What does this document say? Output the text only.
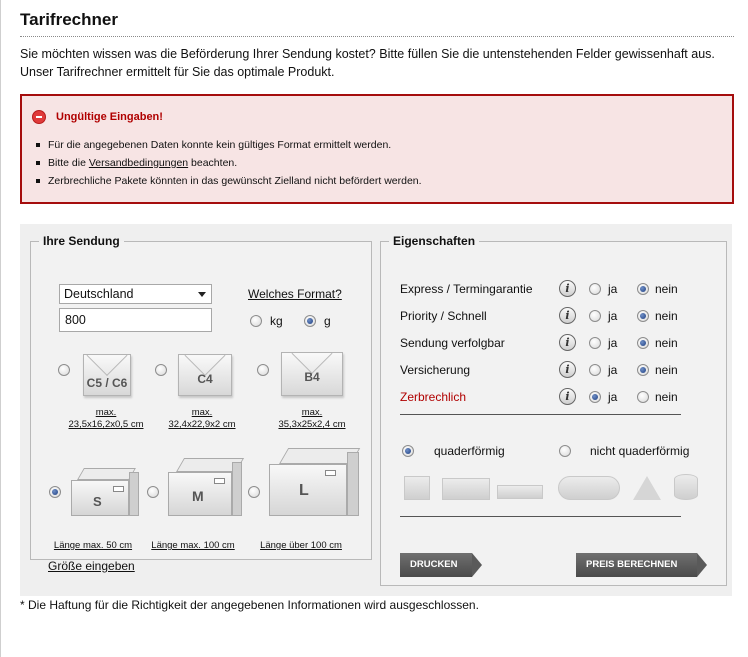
Tarifrechner
Sie möchten wissen was die Beförderung Ihrer Sendung kostet? Bitte füllen Sie die untenstehenden Felder gewissenhaft aus.
Unser Tarifrechner ermittelt für Sie das optimale Produkt.
Ungültige Eingaben!
Für die angegebenen Daten konnte kein gültiges Format ermittelt werden.
Bitte die Versandbedingungen beachten.
Zerbrechliche Pakete könnten in das gewünscht Zielland nicht befördert werden.
Ihre Sendung
Deutschland
800
Welches Format?
kg	g
C5 / C6
max.
23,5x16,2x0,5 cm
C4
max.
32,4x22,9x2 cm
B4
max.
35,3x25x2,4 cm
S
Länge max. 50 cm
M
Länge max. 100 cm
L
Länge über 100 cm
Größe eingeben
Eigenschaften
Express / Termingarantie	i	ja	nein
Priority / Schnell	i	ja	nein
Sendung verfolgbar	i	ja	nein
Versicherung	i	ja	nein
Zerbrechlich	i	ja	nein
quaderförmig	nicht quaderförmig
DRUCKEN	PREIS BERECHNEN
* Die Haftung für die Richtigkeit der angegebenen Informationen wird ausgeschlossen.
